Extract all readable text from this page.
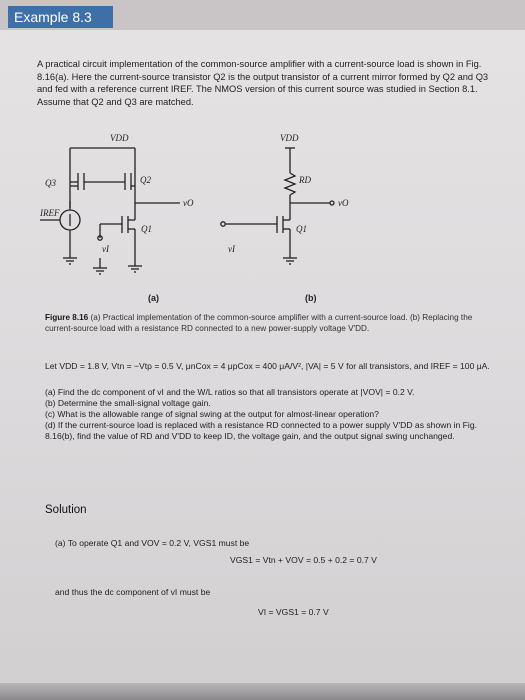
Example 8.3
A practical circuit implementation of the common-source amplifier with a current-source load is shown in Fig. 8.16(a). Here the current-source transistor Q2 is the output transistor of a current mirror formed by Q2 and Q3 and fed with a reference current IREF. The NMOS version of this current source was studied in Section 8.1. Assume that Q2 and Q3 are matched.
VDD	VDD
Q3	Q2
Q1	Q1
IREF
vI	vI
vO	vO
RD
(a)	(b)
Figure 8.16 (a) Practical implementation of the common-source amplifier with a current-source load. (b) Replacing the current-source load with a resistance RD connected to a new power-supply voltage V'DD.
Let VDD = 1.8 V, Vtn = −Vtp = 0.5 V, μnCox = 4 μpCox = 400 μA/V², |VA| = 5 V for all transistors, and IREF = 100 μA.
(a) Find the dc component of vI and the W/L ratios so that all transistors operate at |VOV| = 0.2 V.
(b) Determine the small-signal voltage gain.
(c) What is the allowable range of signal swing at the output for almost-linear operation?
(d) If the current-source load is replaced with a resistance RD connected to a power supply V'DD as shown in Fig. 8.16(b), find the value of RD and V'DD to keep ID, the voltage gain, and the output signal swing unchanged.
Solution
(a) To operate Q1 and VOV = 0.2 V, VGS1 must be
VGS1 = Vtn + VOV = 0.5 + 0.2 = 0.7 V
and thus the dc component of vI must be
VI = VGS1 = 0.7 V
